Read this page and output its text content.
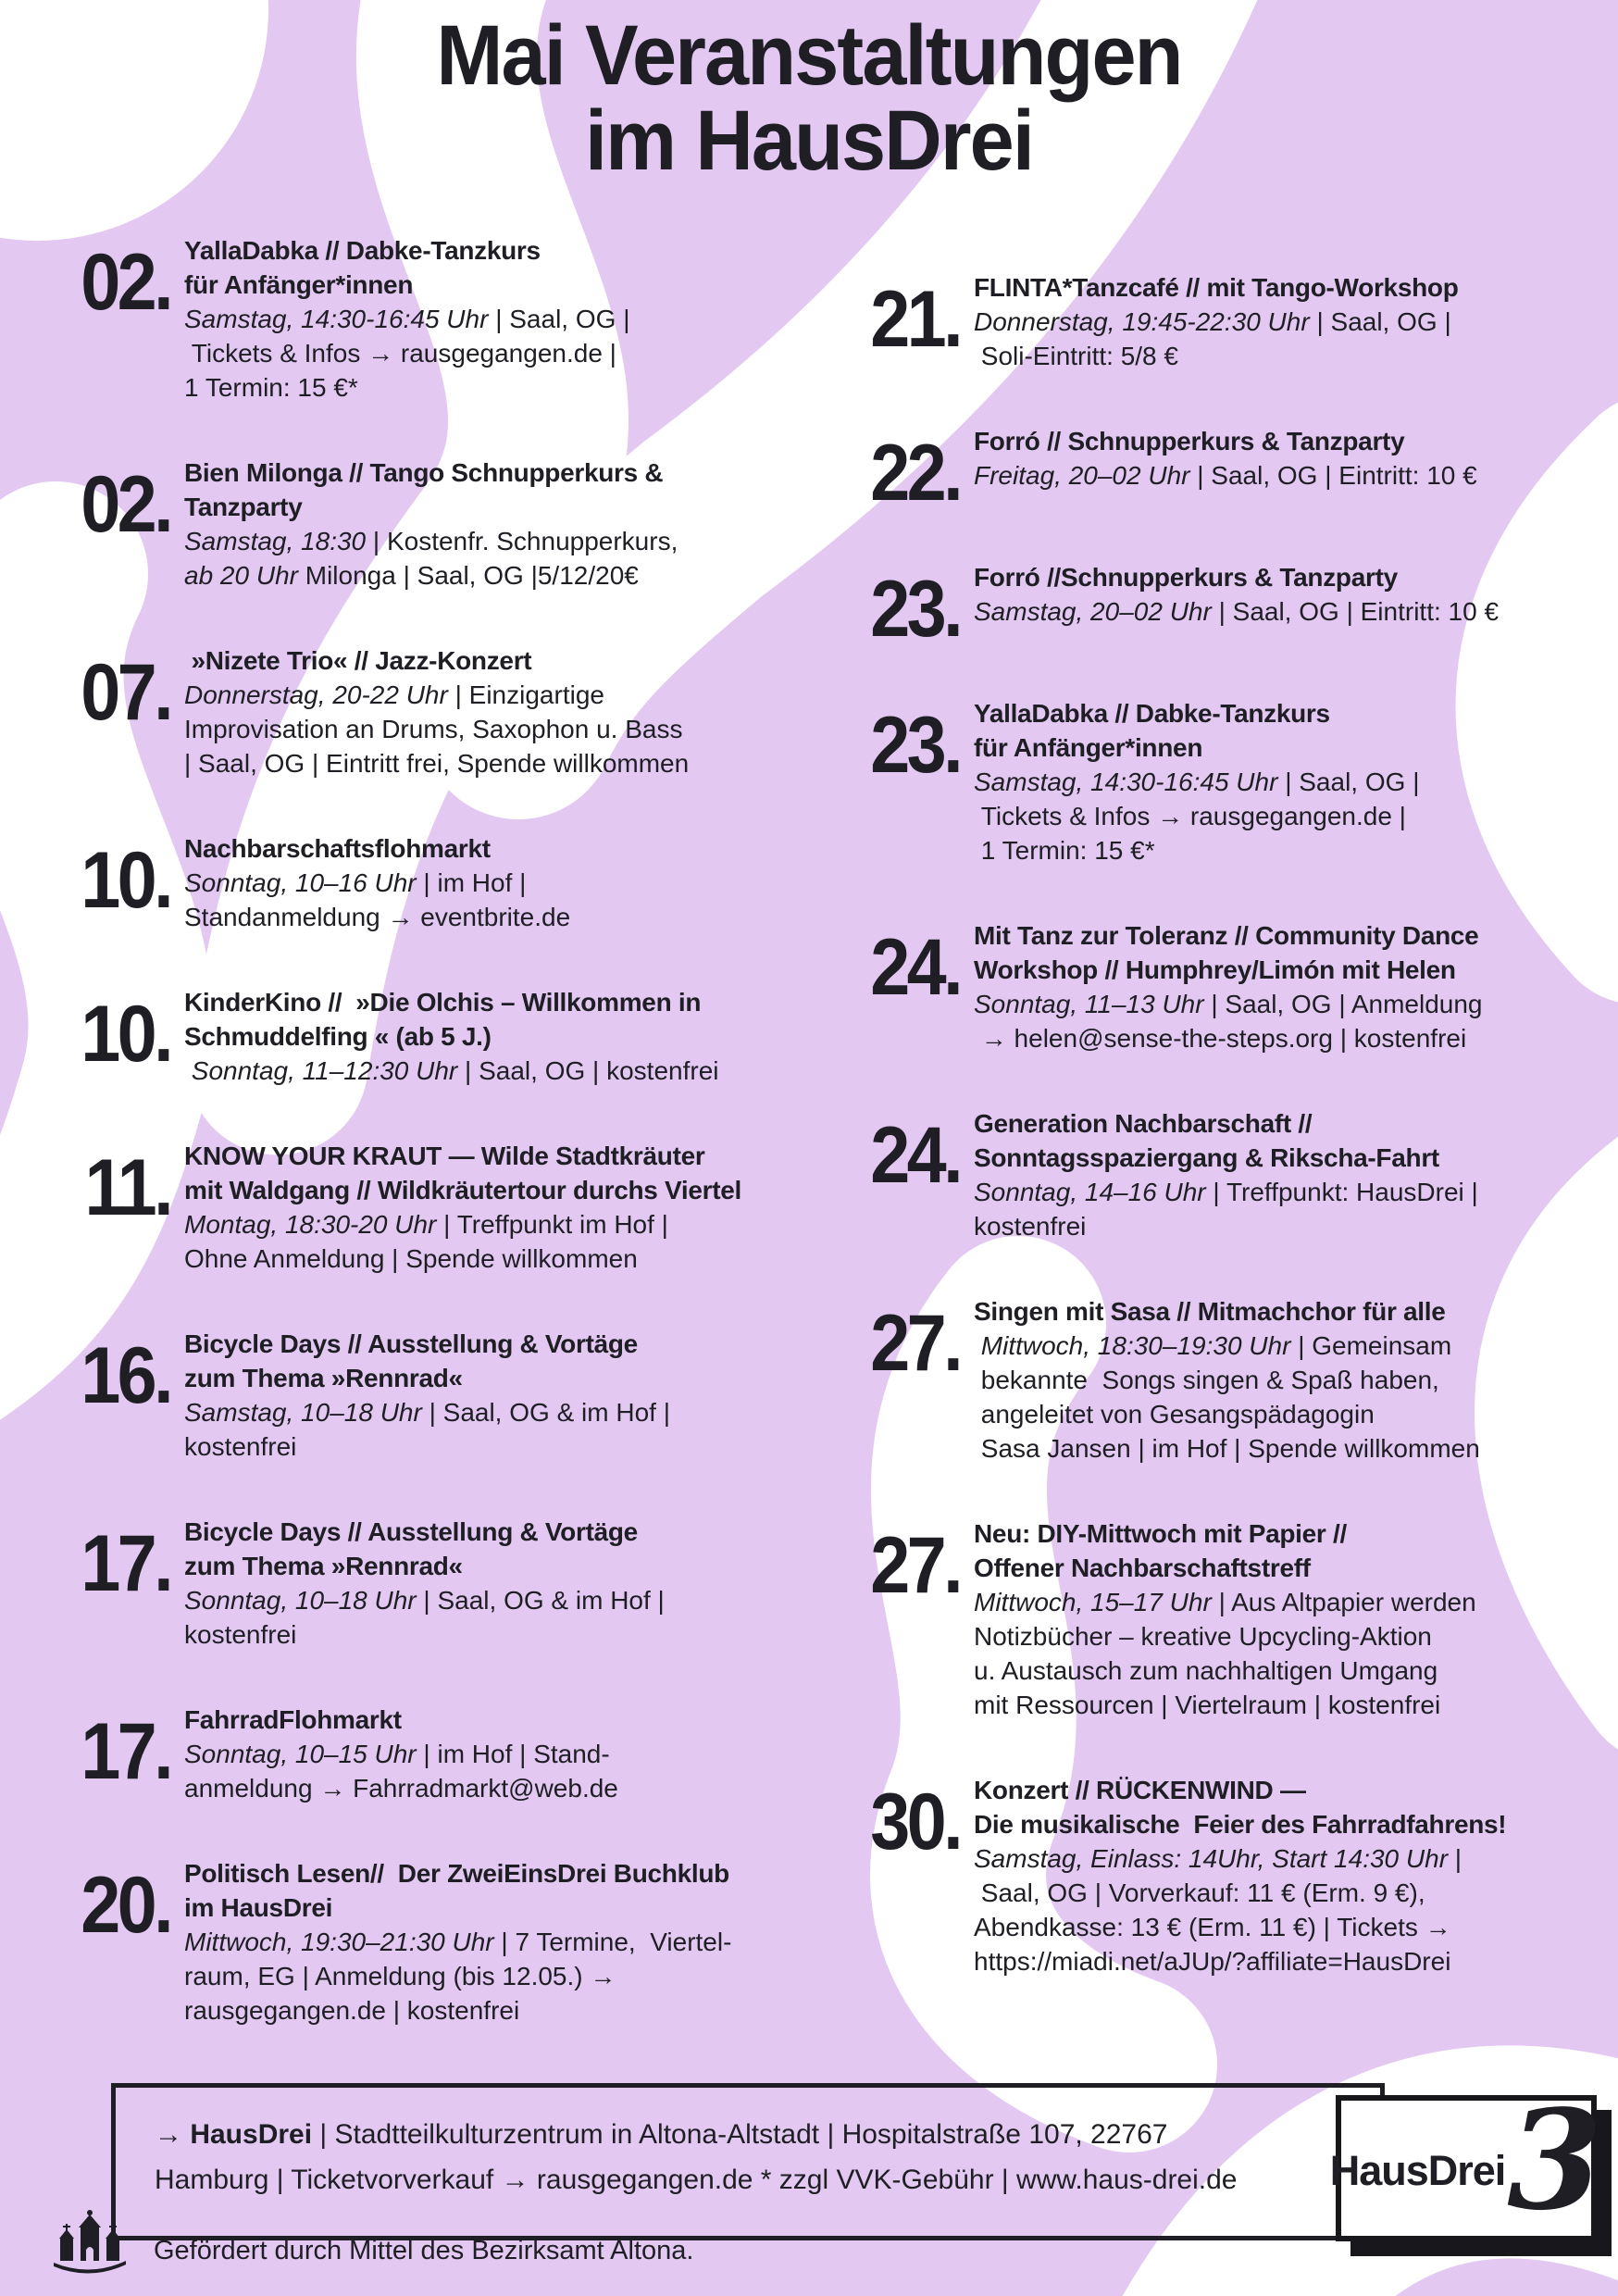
Mai Veranstaltungen
im HausDrei
02. YallaDabka // Dabke-Tanzkurs
für Anfänger*innen
Samstag, 14:30-16:45 Uhr | Saal, OG |
Tickets & Infos → rausgegangen.de |
1 Termin: 15 €*
02. Bien Milonga // Tango Schnupperkurs &
Tanzparty
Samstag, 18:30 | Kostenfr. Schnupperkurs,
ab 20 Uhr Milonga | Saal, OG |5/12/20€
07. »Nizete Trio« // Jazz-Konzert
Donnerstag, 20-22 Uhr | Einzigartige
Improvisation an Drums, Saxophon u. Bass
| Saal, OG | Eintritt frei, Spende willkommen
10. Nachbarschaftsflohmarkt
Sonntag, 10–16 Uhr | im Hof |
Standanmeldung → eventbrite.de
10. KinderKino //  »Die Olchis – Willkommen in
Schmuddelfing « (ab 5 J.)
Sonntag, 11–12:30 Uhr | Saal, OG | kostenfrei
11. KNOW YOUR KRAUT — Wilde Stadtkräuter
mit Waldgang // Wildkräutertour durchs Viertel
Montag, 18:30-20 Uhr | Treffpunkt im Hof |
Ohne Anmeldung | Spende willkommen
16. Bicycle Days // Ausstellung & Vortäge
zum Thema »Rennrad«
Samstag, 10–18 Uhr | Saal, OG & im Hof |
kostenfrei
17. Bicycle Days // Ausstellung & Vortäge
zum Thema »Rennrad«
Sonntag, 10–18 Uhr | Saal, OG & im Hof |
kostenfrei
17. FahrradFlohmarkt
Sonntag, 10–15 Uhr | im Hof | Stand-
anmeldung → Fahrradmarkt@web.de
20. Politisch Lesen//  Der ZweiEinsDrei Buchklub
im HausDrei
Mittwoch, 19:30–21:30 Uhr | 7 Termine,  Viertel-
raum, EG | Anmeldung (bis 12.05.) →
rausgegangen.de | kostenfrei
21. FLINTA*Tanzcafé // mit Tango-Workshop
Donnerstag, 19:45-22:30 Uhr | Saal, OG |
Soli-Eintritt: 5/8 €
22. Forró // Schnupperkurs & Tanzparty
Freitag, 20–02 Uhr | Saal, OG | Eintritt: 10 €
23. Forró //Schnupperkurs & Tanzparty
Samstag, 20–02 Uhr | Saal, OG | Eintritt: 10 €
23. YallaDabka // Dabke-Tanzkurs
für Anfänger*innen
Samstag, 14:30-16:45 Uhr | Saal, OG |
Tickets & Infos → rausgegangen.de |
1 Termin: 15 €*
24. Mit Tanz zur Toleranz // Community Dance
Workshop // Humphrey/Limón mit Helen
Sonntag, 11–13 Uhr | Saal, OG | Anmeldung
→ helen@sense-the-steps.org | kostenfrei
24. Generation Nachbarschaft //
Sonntagsspaziergang & Rikscha-Fahrt
Sonntag, 14–16 Uhr | Treffpunkt: HausDrei |
kostenfrei
27. Singen mit Sasa // Mitmachchor für alle
Mittwoch, 18:30–19:30 Uhr | Gemeinsam
bekannte  Songs singen & Spaß haben,
angeleitet von Gesangspädagogin
Sasa Jansen | im Hof | Spende willkommen
27. Neu: DIY-Mittwoch mit Papier //
Offener Nachbarschaftstreff
Mittwoch, 15–17 Uhr | Aus Altpapier werden
Notizbücher – kreative Upcycling-Aktion
u. Austausch zum nachhaltigen Umgang
mit Ressourcen | Viertelraum | kostenfrei
30. Konzert // RÜCKENWIND —
Die musikalische  Feier des Fahrradfahrens!
Samstag, Einlass: 14Uhr, Start 14:30 Uhr |
Saal, OG | Vorverkauf: 11 € (Erm. 9 €),
Abendkasse: 13 € (Erm. 11 €) | Tickets →
https://miadi.net/aJUp/?affiliate=HausDrei
→ HausDrei | Stadtteilkulturzentrum in Altona-Altstadt | Hospitalstraße 107, 22767
Hamburg | Ticketvorverkauf → rausgegangen.de * zzgl VVK-Gebühr | www.haus-drei.de	HausDrei 3
Gefördert durch Mittel des Bezirksamt Altona.
